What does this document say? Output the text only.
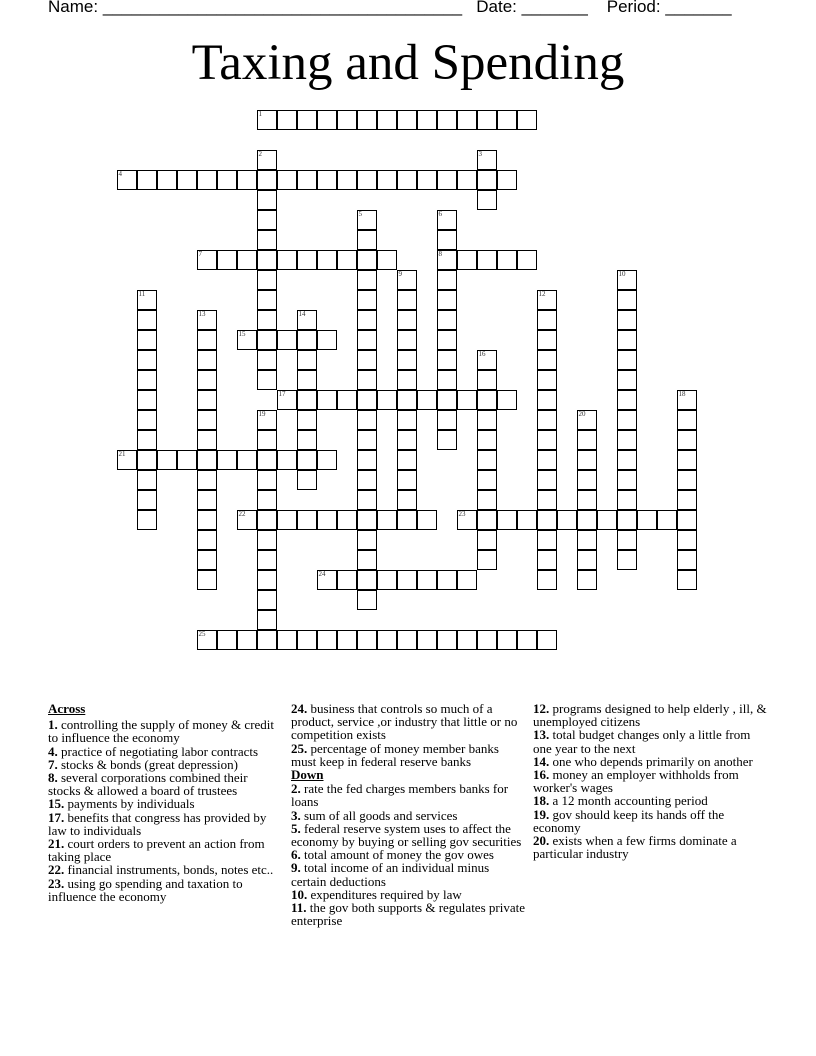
Name: ______________________________________ Date: _______ Period: _______
Taxing and Spending
1
2	3
4
5	6
8
7
9	10
11	12
13	14
15
16
17	18
19	20
21
22	23
24
25
Across
1. controlling the supply of money & credit to influence the economy
4. practice of negotiating labor contracts
7. stocks & bonds (great depression)
8. several corporations combined their stocks & allowed a board of trustees
15. payments by individuals
17. benefits that congress has provided by law to individuals
21. court orders to prevent an action from taking place
22. financial instruments, bonds, notes etc..
23. using go spending and taxation to influence the economy
24. business that controls so much of a product, service ,or industry that little or no competition exists
25. percentage of money member banks must keep in federal reserve banks
Down
2. rate the fed charges members banks for loans
3. sum of all goods and services
5. federal reserve system uses to affect the economy by buying or selling gov securities
6. total amount of money the gov owes
9. total income of an individual minus certain deductions
10. expenditures required by law
11. the gov both supports & regulates private enterprise
12. programs designed to help elderly , ill, & unemployed citizens
13. total budget changes only a little from one year to the next
14. one who depends primarily on another
16. money an employer withholds from worker's wages
18. a 12 month accounting period
19. gov should keep its hands off the economy
20. exists when a few firms dominate a particular industry
